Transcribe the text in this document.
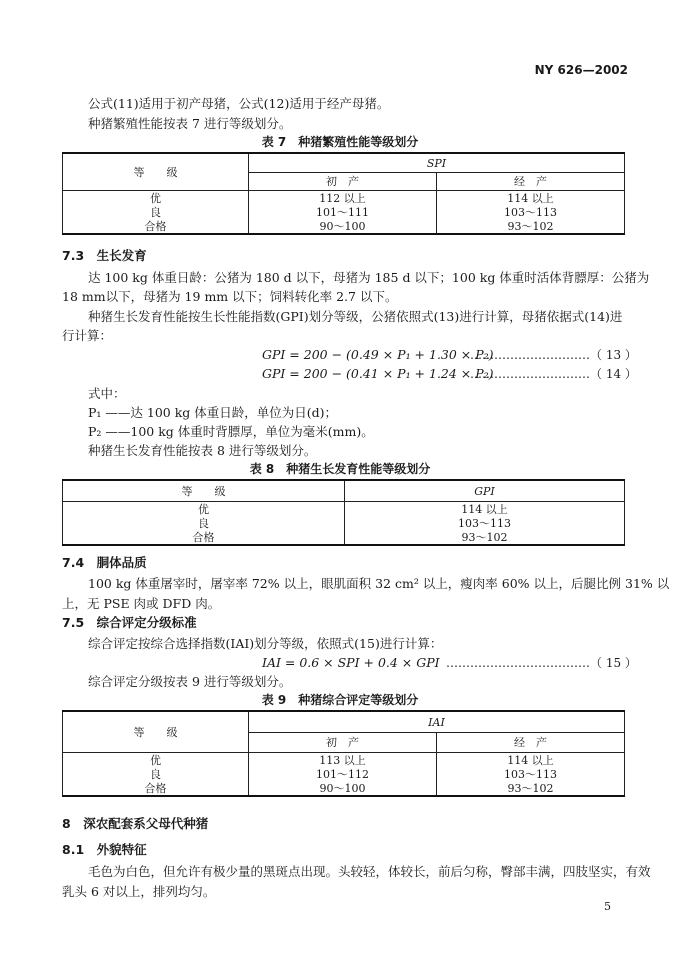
NY 626—2002
公式(11)适用于初产母猪，公式(12)适用于经产母猪。
种猪繁殖性能按表 7 进行等级划分。
表 7　种猪繁殖性能等级划分
等　　级	SPI	
	初　产	经　产
优	112 以上	114 以上
良	101～111	103～113
合格	90～100	93～102
7.3　生长发育
达 100 kg 体重日龄：公猪为 180 d 以下，母猪为 185 d 以下；100 kg 体重时活体背膘厚：公猪为
18 mm以下，母猪为 19 mm 以下；饲料转化率 2.7 以下。
种猪生长发育性能按生长性能指数(GPI)划分等级，公猪依照式(13)进行计算，母猪依据式(14)进
行计算：
GPI = 200 − (0.49 × P₁ + 1.30 × P₂)
…………………………（ 13 ）
GPI = 200 − (0.41 × P₁ + 1.24 × P₂)
…………………………（ 14 ）
式中：
P₁ ——达 100 kg 体重日龄，单位为日(d)；
P₂ ——100 kg 体重时背膘厚，单位为毫米(mm)。
种猪生长发育性能按表 8 进行等级划分。
表 8　种猪生长发育性能等级划分
等　　级	GPI
优	114 以上
良	103～113
合格	93～102
7.4　胴体品质
100 kg 体重屠宰时，屠宰率 72% 以上，眼肌面积 32 cm² 以上，瘦肉率 60% 以上，后腿比例 31% 以
上，无 PSE 肉或 DFD 肉。
7.5　综合评定分级标准
综合评定按综合选择指数(IAI)划分等级，依照式(15)进行计算：
IAI = 0.6 × SPI + 0.4 × GPI ………………………………（ 15 ）
综合评定分级按表 9 进行等级划分。
表 9　种猪综合评定等级划分
等　　级	IAI	
	初　产	经　产
优	113 以上	114 以上
良	101～112	103～113
合格	90～100	93～102
8　深农配套系父母代种猪
8.1　外貌特征
毛色为白色，但允许有极少量的黑斑点出现。头较轻，体较长，前后匀称，臀部丰满，四肢坚实，有效
乳头 6 对以上，排列均匀。
5
